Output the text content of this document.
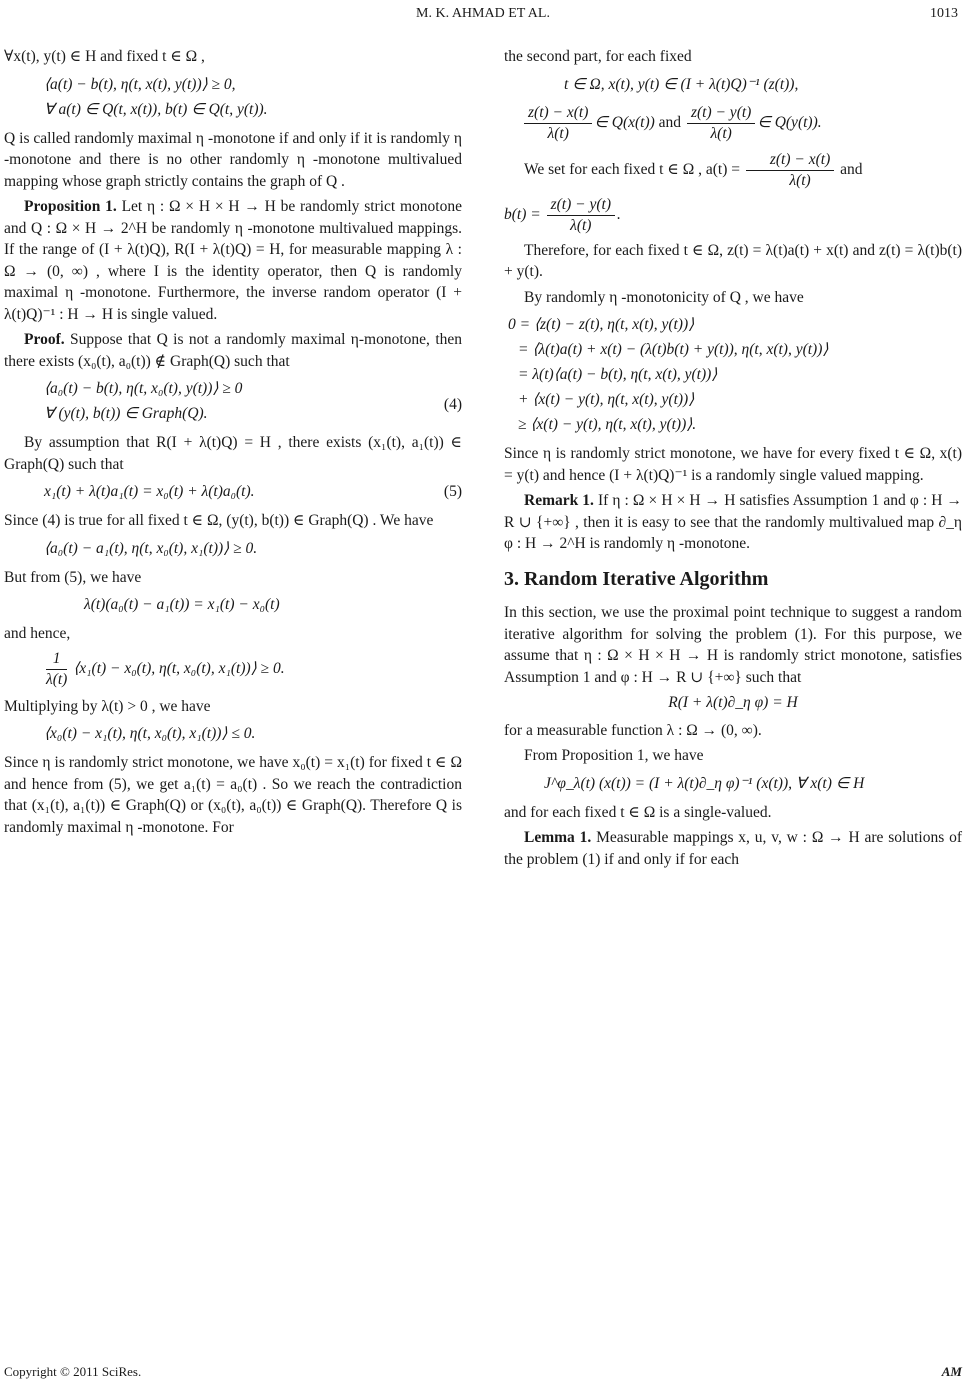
M. K. AHMAD ET AL.	1013

∀x(t), y(t) ∈ H and fixed t ∈ Ω ,

⟨a(t) − b(t), η(t, x(t), y(t))⟩ ≥ 0,
∀ a(t) ∈ Q(t, x(t)), b(t) ∈ Q(t, y(t)).

Q is called randomly maximal η -monotone if and only if it is randomly η -monotone and there is no other randomly η -monotone multivalued mapping whose graph strictly contains the graph of Q .

Proposition 1. Let η : Ω × H × H → H be randomly strict monotone and Q : Ω × H → 2^H be randomly η -monotone multivalued mappings. If the range of (I + λ(t)Q), R(I + λ(t)Q) = H, for measurable mapping λ : Ω → (0, ∞) , where I is the identity operator, then Q is randomly maximal η -monotone. Furthermore, the inverse random operator (I + λ(t)Q)⁻¹ : H → H is single valued.

Proof. Suppose that Q is not a randomly maximal η-monotone, then there exists (x₀(t), a₀(t)) ∉ Graph(Q) such that

⟨a₀(t) − b(t), η(t, x₀(t), y(t))⟩ ≥ 0
∀ (y(t), b(t)) ∈ Graph(Q).
(4)

By assumption that R(I + λ(t)Q) = H , there exists (x₁(t), a₁(t)) ∈ Graph(Q) such that

x₁(t) + λ(t)a₁(t) = x₀(t) + λ(t)a₀(t).	(5)

Since (4) is true for all fixed t ∈ Ω, (y(t), b(t)) ∈ Graph(Q) . We have

⟨a₀(t) − a₁(t), η(t, x₀(t), x₁(t))⟩ ≥ 0.

But from (5), we have

λ(t)(a₀(t) − a₁(t)) = x₁(t) − x₀(t)

and hence,

$\frac{1}{\lambda(t)}$ ⟨x₁(t) − x₀(t), η(t, x₀(t), x₁(t))⟩ ≥ 0.

Multiplying by λ(t) > 0 , we have

⟨x₀(t) − x₁(t), η(t, x₀(t), x₁(t))⟩ ≤ 0.

Since η is randomly strict monotone, we have x₀(t) = x₁(t) for fixed t ∈ Ω and hence from (5), we get a₁(t) = a₀(t) . So we reach the contradiction that (x₁(t), a₁(t)) ∈ Graph(Q) or (x₀(t), a₀(t)) ∈ Graph(Q). Therefore Q is randomly maximal η -monotone. For

the second part, for each fixed

t ∈ Ω, x(t), y(t) ∈ (I + λ(t)Q)⁻¹ (z(t)),
$\frac{z(t) - x(t)}{\lambda(t)}$ ∈ Q(x(t)) and $\frac{z(t) - y(t)}{\lambda(t)}$ ∈ Q(y(t)).

We set for each fixed t ∈ Ω , $a(t) = \frac{z(t) - x(t)}{\lambda(t)}$ and

$b(t) = \frac{z(t) - y(t)}{\lambda(t)}$ .

Therefore, for each fixed t ∈ Ω, z(t) = λ(t)a(t) + x(t) and z(t) = λ(t)b(t) + y(t).

By randomly η -monotonicity of Q , we have

0 = ⟨z(t) − z(t), η(t, x(t), y(t))⟩
= ⟨λ(t)a(t) + x(t) − (λ(t)b(t) + y(t)), η(t, x(t), y(t))⟩
= λ(t)⟨a(t) − b(t), η(t, x(t), y(t))⟩
+ ⟨x(t) − y(t), η(t, x(t), y(t))⟩
≥ ⟨x(t) − y(t), η(t, x(t), y(t))⟩.

Since η is randomly strict monotone, we have for every fixed t ∈ Ω, x(t) = y(t) and hence (I + λ(t)Q)⁻¹ is a randomly single valued mapping.

Remark 1. If η : Ω × H × H → H satisfies Assumption 1 and φ : H → R ∪ {+∞} , then it is easy to see that the randomly multivalued map ∂_η φ : H → 2^H is randomly η -monotone.

3. Random Iterative Algorithm

In this section, we use the proximal point technique to suggest a random iterative algorithm for solving the problem (1). For this purpose, we assume that η : Ω × H × H → H is randomly strict monotone, satisfies Assumption 1 and φ : H → R ∪ {+∞} such that

R(I + λ(t)∂_η φ) = H

for a measurable function λ : Ω → (0, ∞).

From Proposition 1, we have

J^φ_λ(t) (x(t)) = (I + λ(t)∂_η φ)⁻¹ (x(t)), ∀ x(t) ∈ H

and for each fixed t ∈ Ω is a single-valued.

Lemma 1. Measurable mappings x, u, v, w : Ω → H are solutions of the problem (1) if and only if for each

Copyright © 2011 SciRes.	AM
